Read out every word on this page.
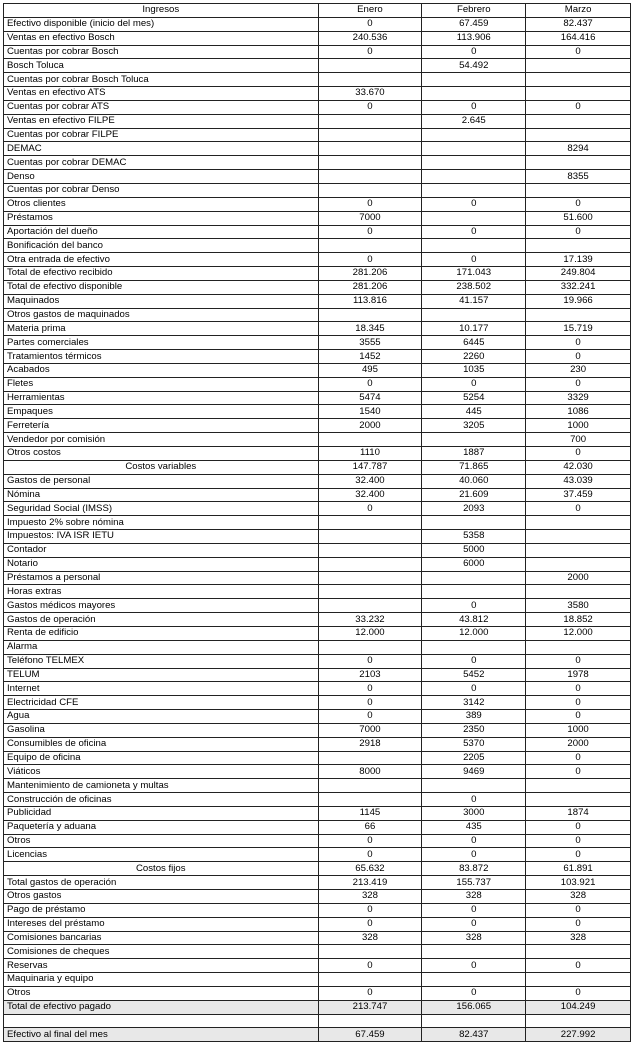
Ingresos	Enero	Febrero	Marzo
Efectivo disponible (inicio del mes)	0	67.459	82.437
Ventas en efectivo Bosch	240.536	113.906	164.416
Cuentas por cobrar Bosch	0	0	0
Bosch Toluca		54.492	
Cuentas por cobrar Bosch Toluca			
Ventas en efectivo ATS	33.670		
Cuentas por cobrar ATS	0	0	0
Ventas en efectivo FILPE		2.645	
Cuentas por cobrar FILPE			
DEMAC			8294
Cuentas por cobrar DEMAC			
Denso			8355
Cuentas por cobrar Denso			
Otros clientes	0	0	0
Préstamos	7000		51.600
Aportación del dueño	0	0	0
Bonificación del banco			
Otra entrada de efectivo	0	0	17.139
Total de efectivo recibido	281.206	171.043	249.804
Total de efectivo disponible	281.206	238.502	332.241
Maquinados	113.816	41.157	19.966
Otros gastos de maquinados			
Materia prima	18.345	10.177	15.719
Partes comerciales	3555	6445	0
Tratamientos térmicos	1452	2260	0
Acabados	495	1035	230
Fletes	0	0	0
Herramientas	5474	5254	3329
Empaques	1540	445	1086
Ferretería	2000	3205	1000
Vendedor por comisión			700
Otros costos	1110	1887	0
Costos variables	147.787	71.865	42.030
Gastos de personal	32.400	40.060	43.039
Nómina	32.400	21.609	37.459
Seguridad Social (IMSS)	0	2093	0
Impuesto 2% sobre nómina			
Impuestos: IVA ISR IETU		5358	
Contador		5000	
Notario		6000	
Préstamos a personal			2000
Horas extras			
Gastos médicos mayores		0	3580
Gastos de operación	33.232	43.812	18.852
Renta de edificio	12.000	12.000	12.000
Alarma			
Teléfono TELMEX	0	0	0
TELUM	2103	5452	1978
Internet	0	0	0
Electricidad CFE	0	3142	0
Agua	0	389	0
Gasolina	7000	2350	1000
Consumibles de oficina	2918	5370	2000
Equipo de oficina		2205	0
Viáticos	8000	9469	0
Mantenimiento de camioneta y multas			
Construcción de oficinas		0	
Publicidad	1145	3000	1874
Paquetería y aduana	66	435	0
Otros	0	0	0
Licencias	0	0	0
Costos fijos	65.632	83.872	61.891
Total gastos de operación	213.419	155.737	103.921
Otros gastos	328	328	328
Pago de préstamo	0	0	0
Intereses del préstamo	0	0	0
Comisiones bancarias	328	328	328
Comisiones de cheques			
Reservas	0	0	0
Maquinaria y equipo			
Otros	0	0	0
Total de efectivo pagado	213.747	156.065	104.249

Efectivo al final del mes	67.459	82.437	227.992
